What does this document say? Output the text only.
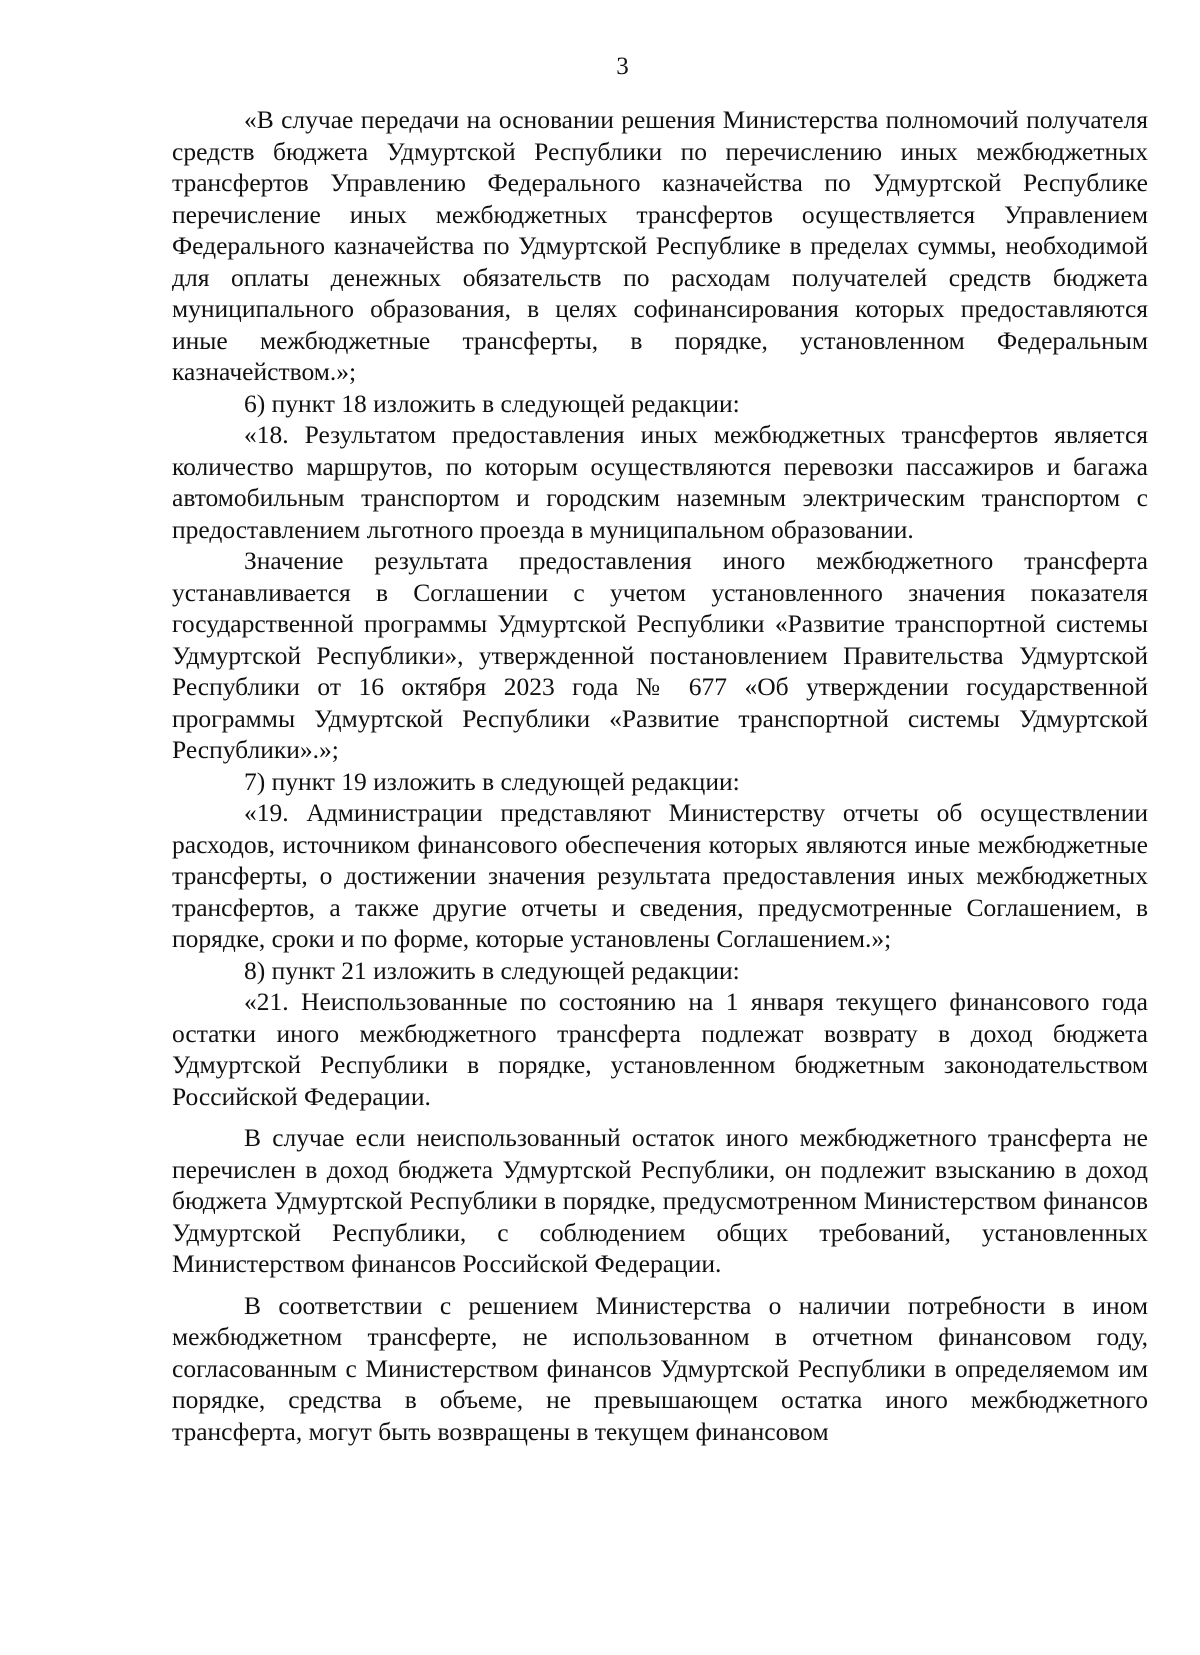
3

«В случае передачи на основании решения Министерства полномочий получателя средств бюджета Удмуртской Республики по перечислению иных межбюджетных трансфертов Управлению Федерального казначейства по Удмуртской Республике перечисление иных межбюджетных трансфертов осуществляется Управлением Федерального казначейства по Удмуртской Республике в пределах суммы, необходимой для оплаты денежных обязательств по расходам получателей средств бюджета муниципального образования, в целях софинансирования которых предоставляются иные межбюджетные трансферты, в порядке, установленном Федеральным казначейством.»;

6) пункт 18 изложить в следующей редакции:

«18. Результатом предоставления иных межбюджетных трансфертов является количество маршрутов, по которым осуществляются перевозки пассажиров и багажа автомобильным транспортом и городским наземным электрическим транспортом с предоставлением льготного проезда в муниципальном образовании.

Значение результата предоставления иного межбюджетного трансферта устанавливается в Соглашении с учетом установленного значения показателя государственной программы Удмуртской Республики «Развитие транспортной системы Удмуртской Республики», утвержденной постановлением Правительства Удмуртской Республики от 16 октября 2023 года № 677 «Об утверждении государственной программы Удмуртской Республики «Развитие транспортной системы Удмуртской Республики».»;

7) пункт 19 изложить в следующей редакции:

«19. Администрации представляют Министерству отчеты об осуществлении расходов, источником финансового обеспечения которых являются иные межбюджетные трансферты, о достижении значения результата предоставления иных межбюджетных трансфертов, а также другие отчеты и сведения, предусмотренные Соглашением, в порядке, сроки и по форме, которые установлены Соглашением.»;

8) пункт 21 изложить в следующей редакции:

«21. Неиспользованные по состоянию на 1 января текущего финансового года остатки иного межбюджетного трансферта подлежат возврату в доход бюджета Удмуртской Республики в порядке, установленном бюджетным законодательством Российской Федерации.

В случае если неиспользованный остаток иного межбюджетного трансферта не перечислен в доход бюджета Удмуртской Республики, он подлежит взысканию в доход бюджета Удмуртской Республики в порядке, предусмотренном Министерством финансов Удмуртской Республики, с соблюдением общих требований, установленных Министерством финансов Российской Федерации.

В соответствии с решением Министерства о наличии потребности в ином межбюджетном трансферте, не использованном в отчетном финансовом году, согласованным с Министерством финансов Удмуртской Республики в определяемом им порядке, средства в объеме, не превышающем остатка иного межбюджетного трансферта, могут быть возвращены в текущем финансовом
